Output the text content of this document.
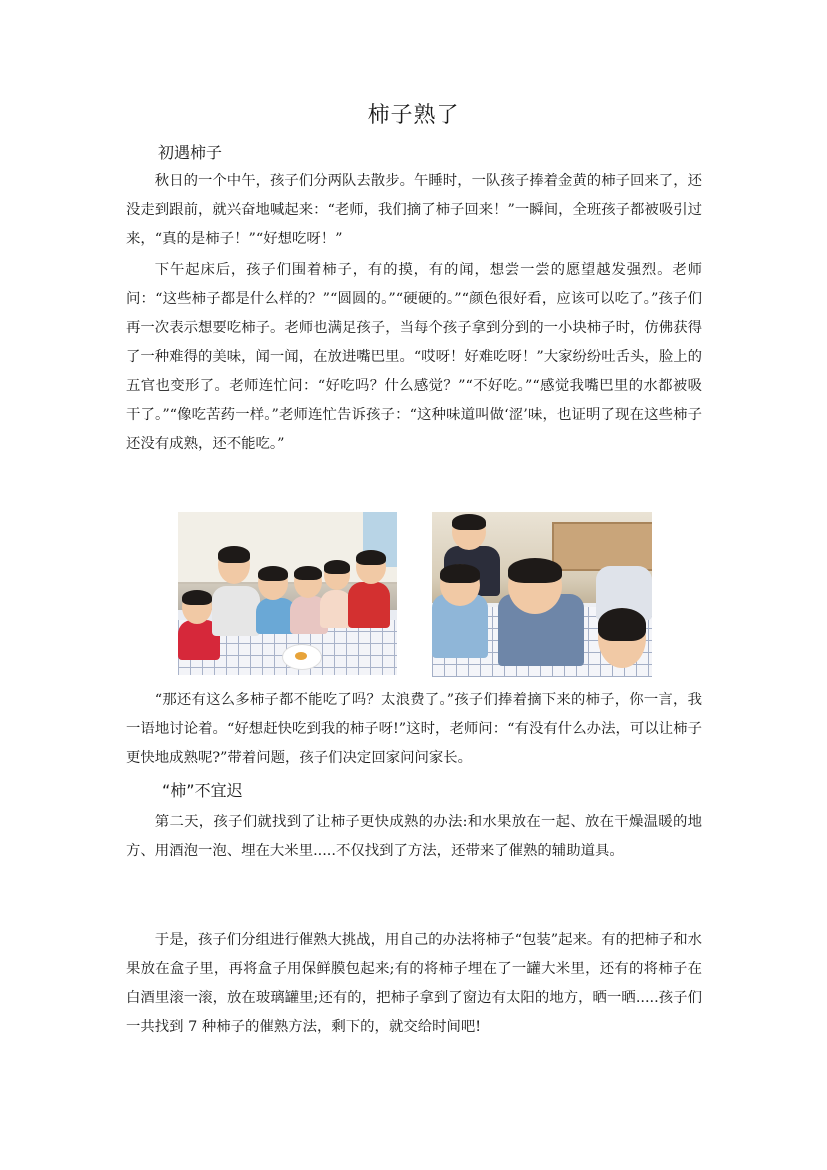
柿子熟了
初遇柿子

秋日的一个中午，孩子们分两队去散步。午睡时，一队孩子捧着金黄的柿子回来了，还没走到跟前，就兴奋地喊起来：“老师，我们摘了柿子回来！”一瞬间，全班孩子都被吸引过来，“真的是柿子！”“好想吃呀！”

下午起床后，孩子们围着柿子，有的摸，有的闻，想尝一尝的愿望越发强烈。老师问：“这些柿子都是什么样的？”“圆圆的。”“硬硬的。”“颜色很好看，应该可以吃了。”孩子们再一次表示想要吃柿子。老师也满足孩子，当每个孩子拿到分到的一小块柿子时，仿佛获得了一种难得的美味，闻一闻，在放进嘴巴里。“哎呀！好难吃呀！”大家纷纷吐舌头，脸上的五官也变形了。老师连忙问：“好吃吗？什么感觉？”“不好吃。”“感觉我嘴巴里的水都被吸干了。”“像吃苦药一样。”老师连忙告诉孩子：“这种味道叫做‘涩’味，也证明了现在这些柿子还没有成熟，还不能吃。”

“那还有这么多柿子都不能吃了吗？太浪费了。”孩子们捧着摘下来的柿子，你一言，我一语地讨论着。“好想赶快吃到我的柿子呀!”这时，老师问：“有没有什么办法，可以让柿子更快地成熟呢?”带着问题，孩子们决定回家问问家长。

“柿”不宜迟

第二天，孩子们就找到了让柿子更快成熟的办法:和水果放在一起、放在干燥温暖的地方、用酒泡一泡、埋在大米里.....不仅找到了方法，还带来了催熟的辅助道具。

于是，孩子们分组进行催熟大挑战，用自己的办法将柿子“包装”起来。有的把柿子和水果放在盒子里，再将盒子用保鲜膜包起来;有的将柿子埋在了一罐大米里，还有的将柿子在白酒里滚一滚，放在玻璃罐里;还有的，把柿子拿到了窗边有太阳的地方，晒一晒.....孩子们一共找到 7 种柿子的催熟方法，剩下的，就交给时间吧!
